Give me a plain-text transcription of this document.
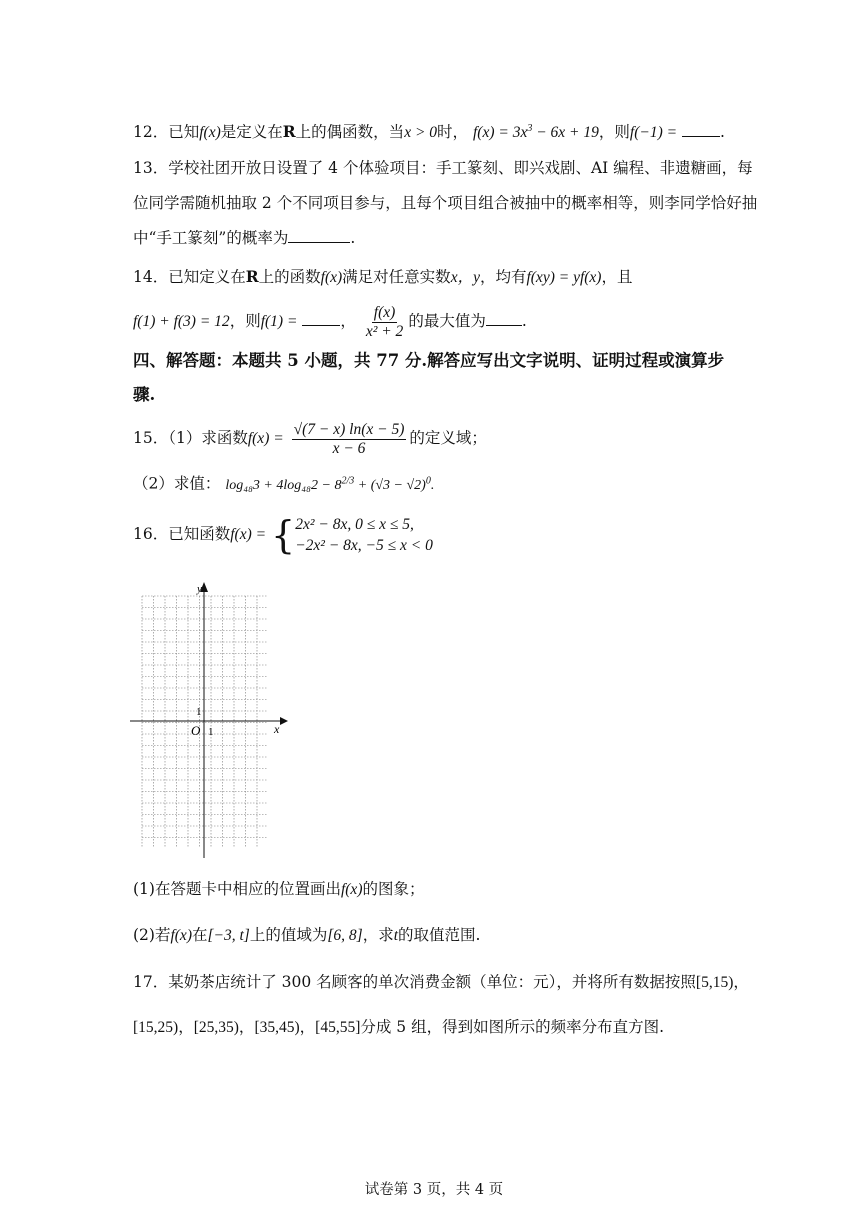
12．已知f(x)是定义在R上的偶函数，当x > 0时， $f(x) = 3x^3 - 6x + 19$，则f(−1) =	.
13．学校社团开放日设置了 4 个体验项目：手工篆刻、即兴戏剧、AI 编程、非遗糖画，每
位同学需随机抽取 2 个不同项目参与，且每个项目组合被抽中的概率相等，则李同学恰好抽
中“手工篆刻”的概率为	.
14．已知定义在R上的函数f(x)满足对任意实数x，y，均有f(xy) = yf(x)，且
f(1) + f(3) = 12，则f(1) =	， $\frac{f(x)}{\text{x² + 2}}$ 的最大值为 .
四、解答题：本题共 5 小题，共 77 分.解答应写出文字说明、证明过程或演算步
骤.
15．（1）求函数$f(x) = \frac{√(7 - x) \ln(x - 5)}{x - 6}$ 的定义域；
（2）求值： $\log_{48}3 + 4\log_{48}2 - 8^{2/3} + (√3 - √2)^0$.
16．已知函数f(x) = { 2x² − 8x, 0 ≤ x ≤ 5,
−2x² − 8x, −5 ≤ x < 0
y
x
O 1
1
(1)在答题卡中相应的位置画出f(x)的图象；
(2)若f(x)在[−3, t]上的值域为[6, 8]，求t的取值范围.
17．某奶茶店统计了 300 名顾客的单次消费金额（单位：元），并将所有数据按照[5,15)，
[15,25)，[25,35)，[35,45)，[45,55]分成 5 组，得到如图所示的频率分布直方图.
试卷第 3 页，共 4 页
